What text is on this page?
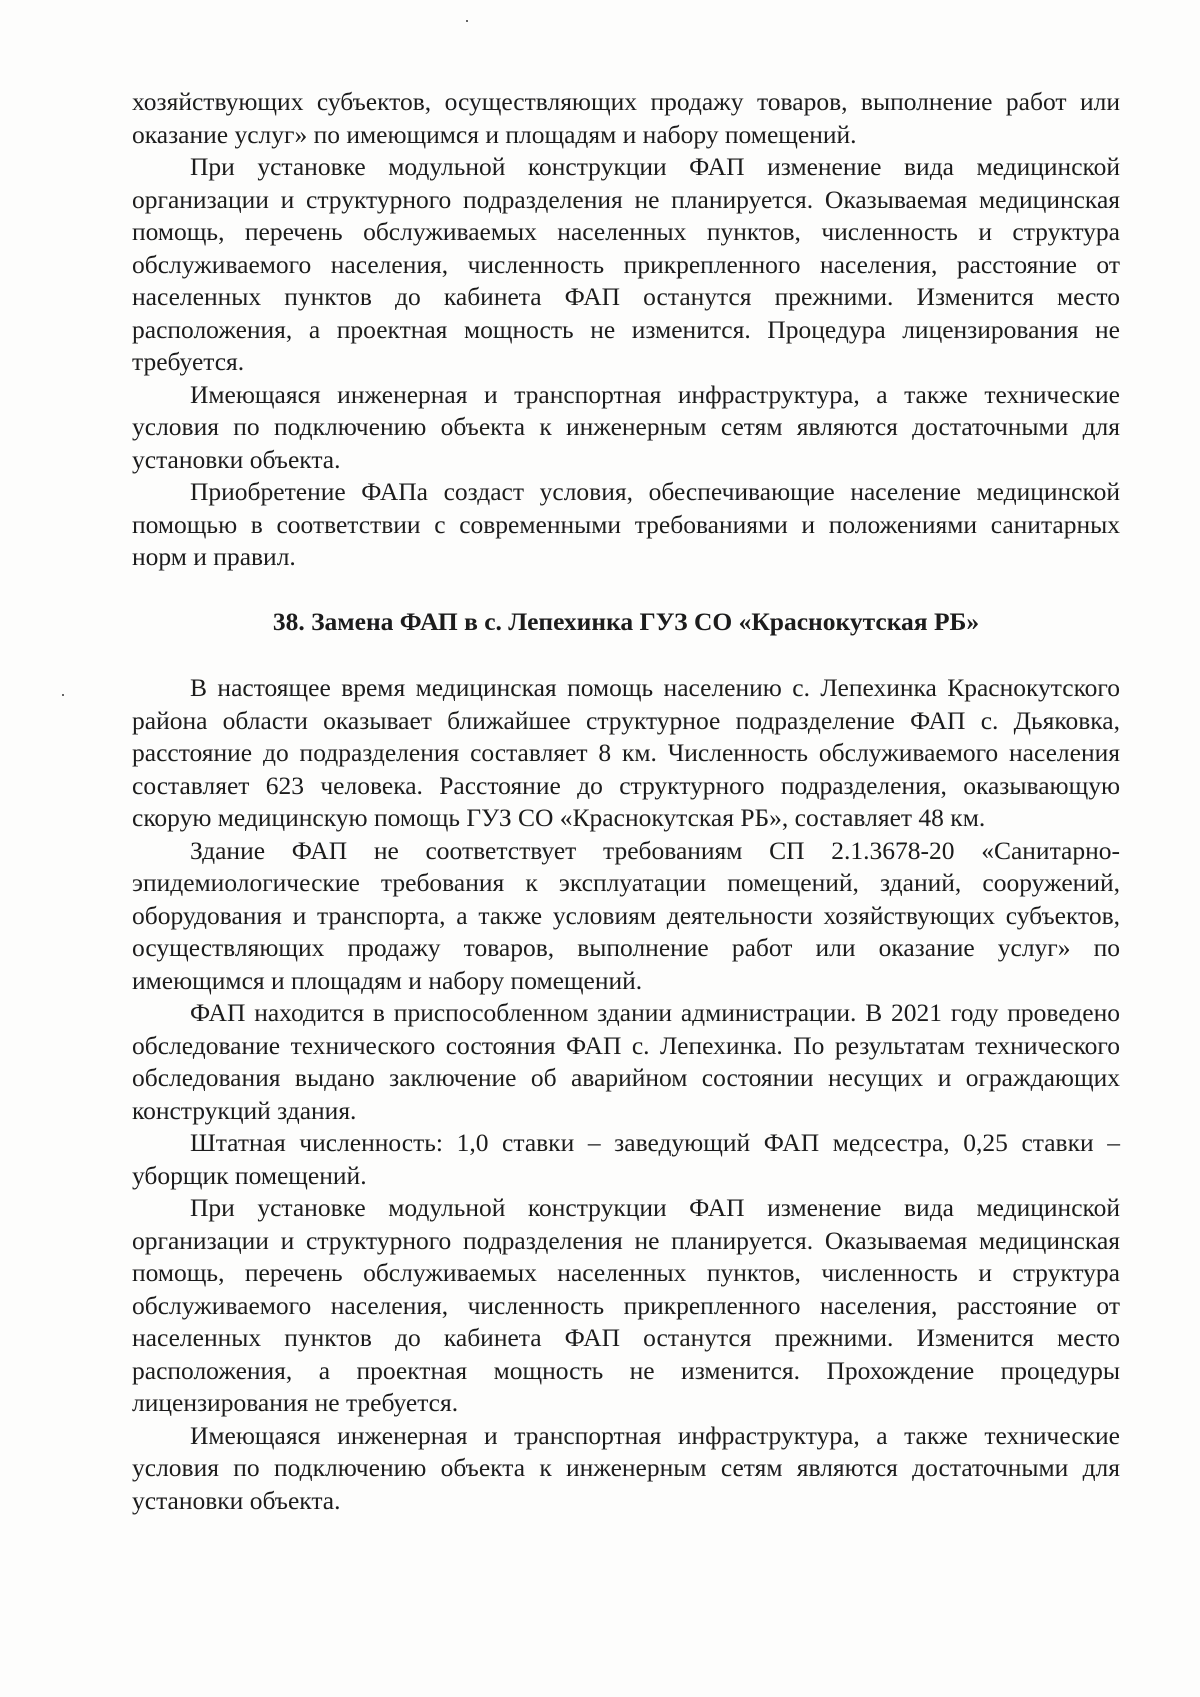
хозяйствующих субъектов, осуществляющих продажу товаров, выполнение работ или оказание услуг» по имеющимся и площадям и набору помещений.

При установке модульной конструкции ФАП изменение вида медицинской организации и структурного подразделения не планируется. Оказываемая медицинская помощь, перечень обслуживаемых населенных пунктов, численность и структура обслуживаемого населения, численность прикрепленного населения, расстояние от населенных пунктов до кабинета ФАП останутся прежними. Изменится место расположения, а проектная мощность не изменится. Процедура лицензирования не требуется.

Имеющаяся инженерная и транспортная инфраструктура, а также технические условия по подключению объекта к инженерным сетям являются достаточными для установки объекта.

Приобретение ФАПа создаст условия, обеспечивающие население медицинской помощью в соответствии с современными требованиями и положениями санитарных норм и правил.

38. Замена ФАП в с. Лепехинка ГУЗ СО «Краснокутская РБ»

В настоящее время медицинская помощь населению с. Лепехинка Краснокутского района области оказывает ближайшее структурное подразделение ФАП с. Дьяковка, расстояние до подразделения составляет 8 км. Численность обслуживаемого населения составляет 623 человека. Расстояние до структурного подразделения, оказывающую скорую медицинскую помощь ГУЗ СО «Краснокутская РБ», составляет 48 км.

Здание ФАП не соответствует требованиям СП 2.1.3678-20 «Санитарно-эпидемиологические требования к эксплуатации помещений, зданий, сооружений, оборудования и транспорта, а также условиям деятельности хозяйствующих субъектов, осуществляющих продажу товаров, выполнение работ или оказание услуг» по имеющимся и площадям и набору помещений.

ФАП находится в приспособленном здании администрации. В 2021 году проведено обследование технического состояния ФАП с. Лепехинка. По результатам технического обследования выдано заключение об аварийном состоянии несущих и ограждающих конструкций здания.

Штатная численность: 1,0 ставки – заведующий ФАП медсестра, 0,25 ставки – уборщик помещений.

При установке модульной конструкции ФАП изменение вида медицинской организации и структурного подразделения не планируется. Оказываемая медицинская помощь, перечень обслуживаемых населенных пунктов, численность и структура обслуживаемого населения, численность прикрепленного населения, расстояние от населенных пунктов до кабинета ФАП останутся прежними. Изменится место расположения, а проектная мощность не изменится. Прохождение процедуры лицензирования не требуется.

Имеющаяся инженерная и транспортная инфраструктура, а также технические условия по подключению объекта к инженерным сетям являются достаточными для установки объекта.
